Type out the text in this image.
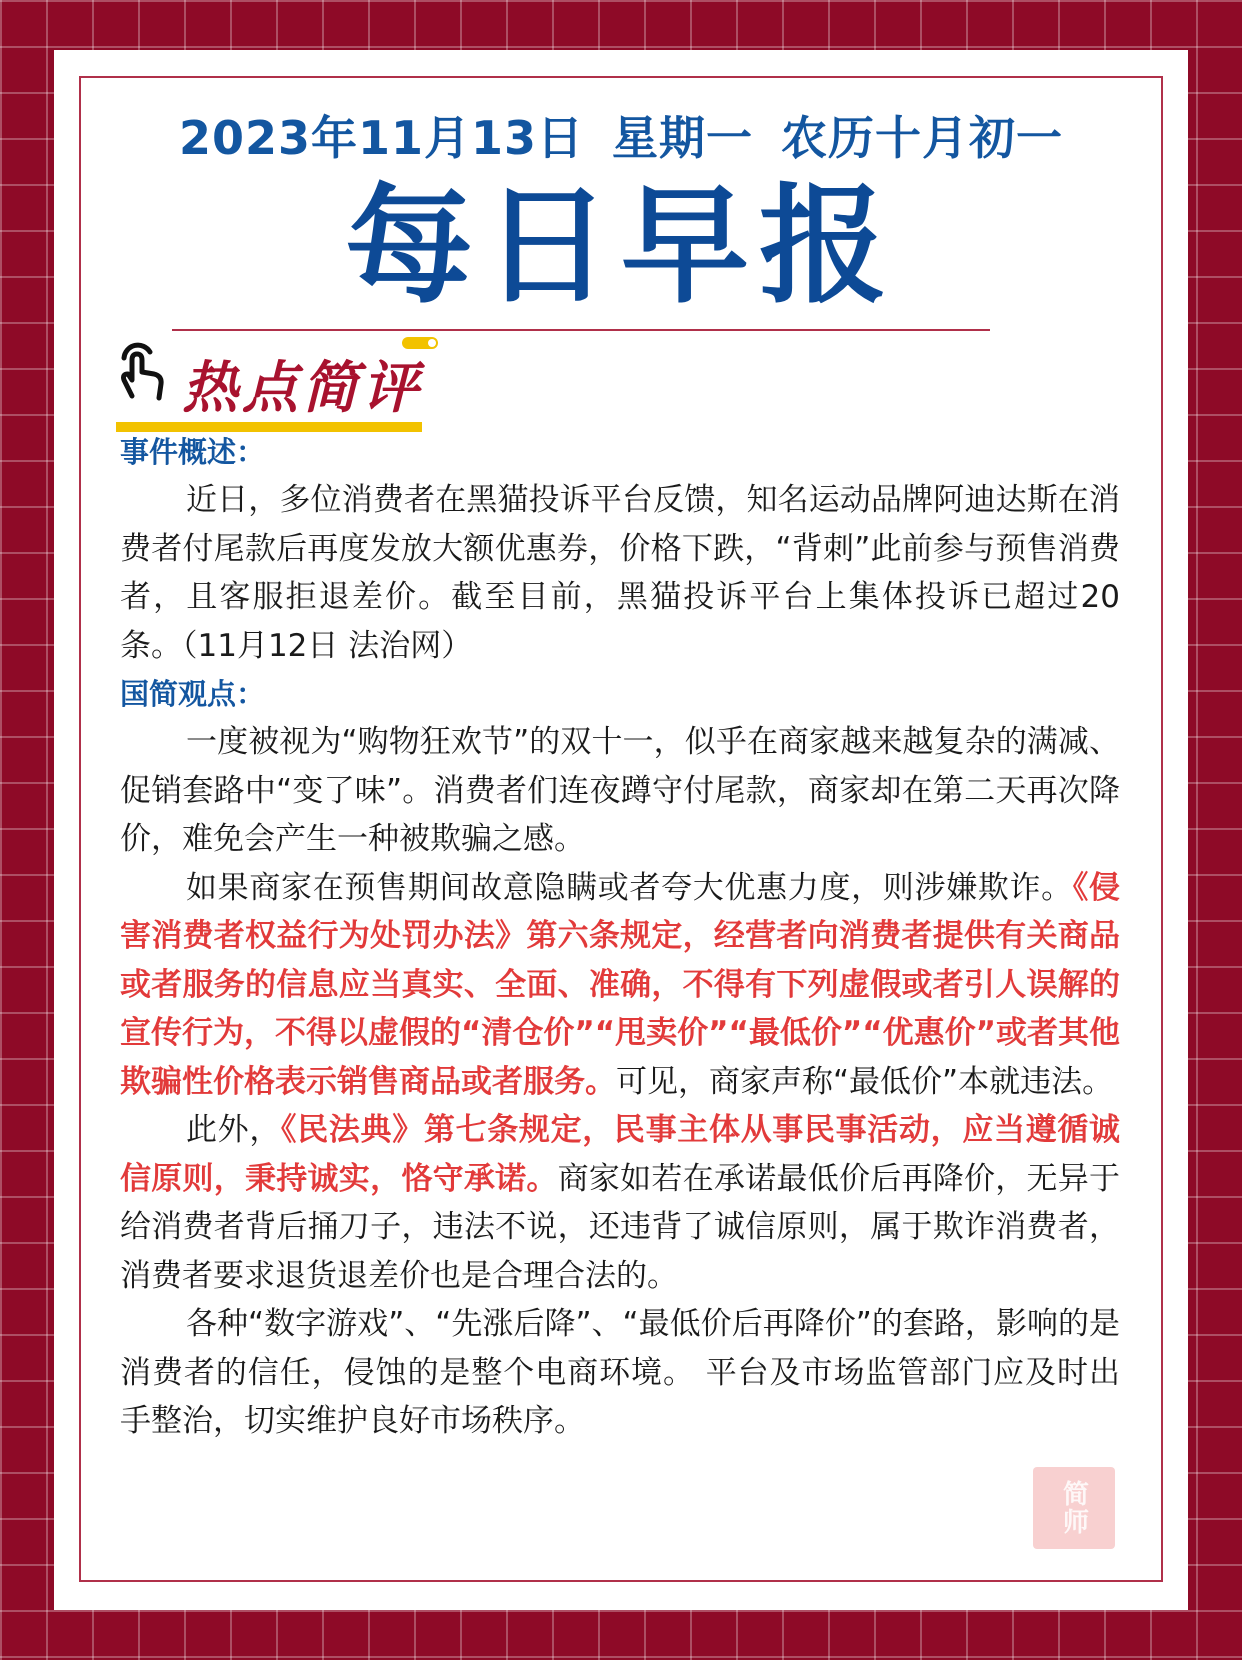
2023年11月13日 星期一 农历十月初一
每日早报
热点简评

事件概述：

近日，多位消费者在黑猫投诉平台反馈，知名运动品牌阿迪达斯在消费者付尾款后再度发放大额优惠券，价格下跌，“背刺”此前参与预售消费者，且客服拒退差价。截至目前，黑猫投诉平台上集体投诉已超过20条。（11月12日 法治网）

国简观点：

一度被视为“购物狂欢节”的双十一，似乎在商家越来越复杂的满减、促销套路中“变了味”。消费者们连夜蹲守付尾款，商家却在第二天再次降价，难免会产生一种被欺骗之感。

如果商家在预售期间故意隐瞒或者夸大优惠力度，则涉嫌欺诈。《侵害消费者权益行为处罚办法》第六条规定，经营者向消费者提供有关商品或者服务的信息应当真实、全面、准确，不得有下列虚假或者引人误解的宣传行为，不得以虚假的“清仓价”“甩卖价”“最低价”“优惠价”或者其他欺骗性价格表示销售商品或者服务。可见，商家声称“最低价”本就违法。

此外，《民法典》第七条规定，民事主体从事民事活动，应当遵循诚信原则，秉持诚实，恪守承诺。商家如若在承诺最低价后再降价，无异于给消费者背后捅刀子，违法不说，还违背了诚信原则，属于欺诈消费者，消费者要求退货退差价也是合理合法的。

各种“数字游戏”、“先涨后降”、“最低价后再降价”的套路，影响的是消费者的信任，侵蚀的是整个电商环境。 平台及市场监管部门应及时出手整治，切实维护良好市场秩序。

简师
